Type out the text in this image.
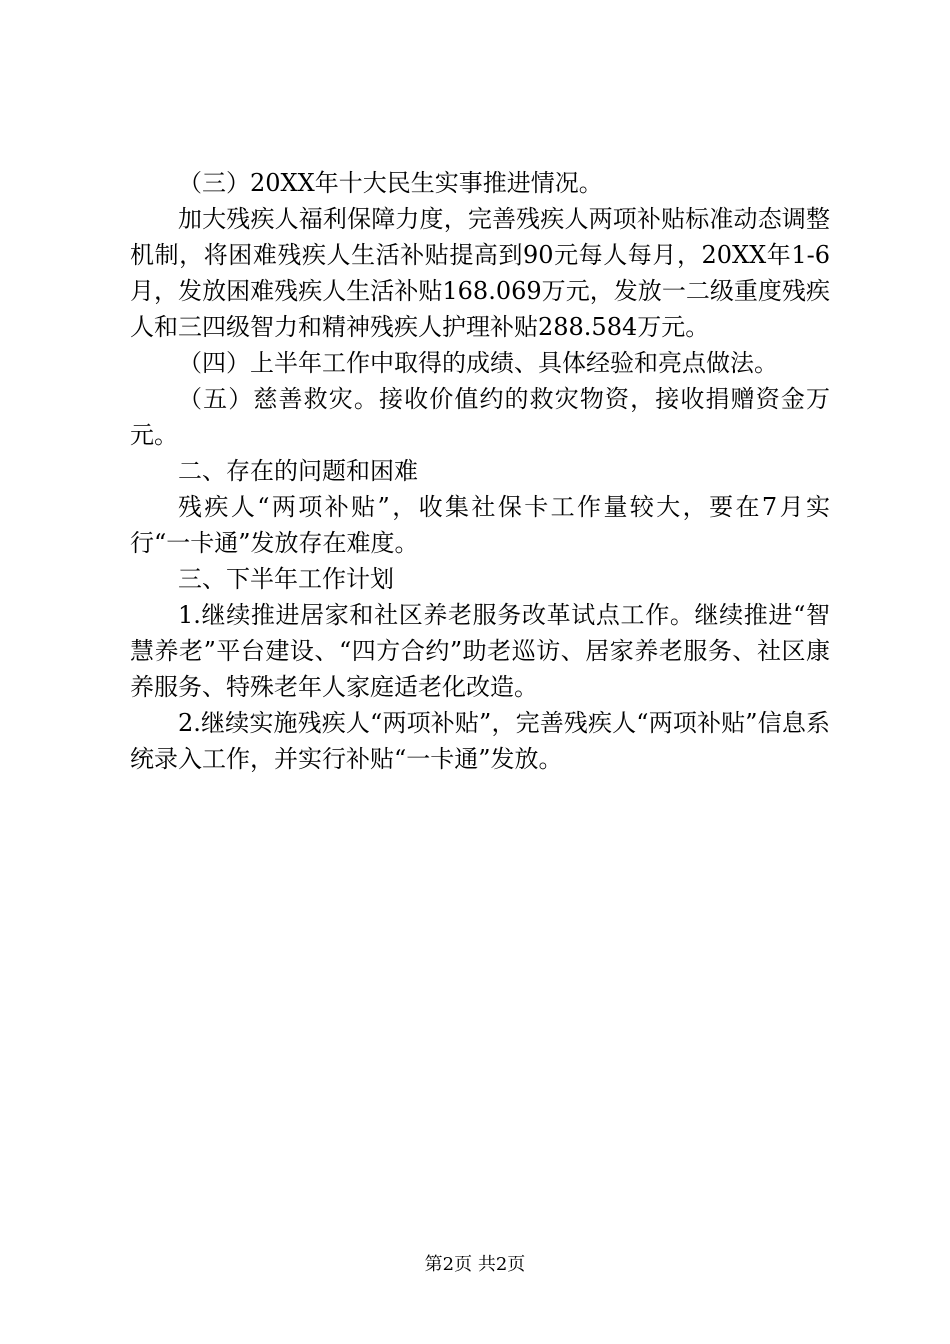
（三）20XX年十大民生实事推进情况。

加大残疾人福利保障力度，完善残疾人两项补贴标准动态调整机制，将困难残疾人生活补贴提高到90元每人每月，20XX年1-6月，发放困难残疾人生活补贴168.069万元，发放一二级重度残疾人和三四级智力和精神残疾人护理补贴288.584万元。

（四）上半年工作中取得的成绩、具体经验和亮点做法。

（五）慈善救灾。接收价值约的救灾物资，接收捐赠资金万元。

二、存在的问题和困难

残疾人“两项补贴”，收集社保卡工作量较大，要在7月实行“一卡通”发放存在难度。

三、下半年工作计划

1.继续推进居家和社区养老服务改革试点工作。继续推进“智慧养老”平台建设、“四方合约”助老巡访、居家养老服务、社区康养服务、特殊老年人家庭适老化改造。

2.继续实施残疾人“两项补贴”，完善残疾人“两项补贴”信息系统录入工作，并实行补贴“一卡通”发放。

第2页 共2页
